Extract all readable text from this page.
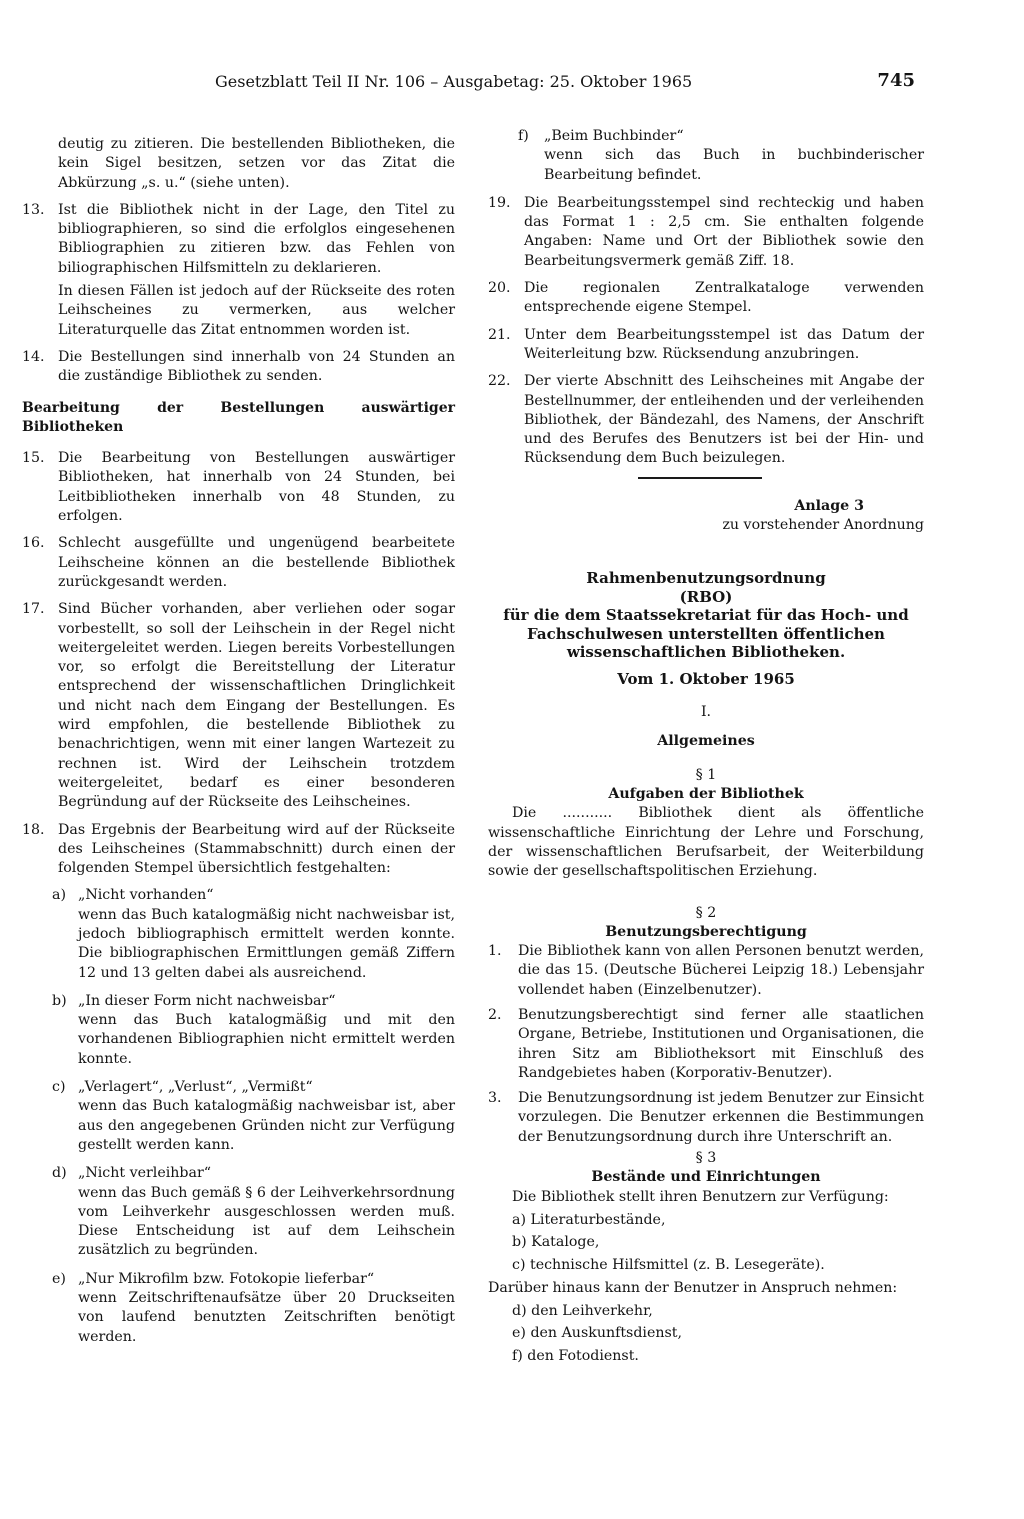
Gesetzblatt Teil II Nr. 106 – Ausgabetag: 25. Oktober 1965	745

deutig zu zitieren. Die bestellenden Bibliotheken, die kein Sigel besitzen, setzen vor das Zitat die Abkürzung „s. u.“ (siehe unten).

13. Ist die Bibliothek nicht in der Lage, den Titel zu bibliographieren, so sind die erfolglos eingesehenen Bibliographien zu zitieren bzw. das Fehlen von biliographischen Hilfsmitteln zu deklarieren.

In diesen Fällen ist jedoch auf der Rückseite des roten Leihscheines zu vermerken, aus welcher Literaturquelle das Zitat entnommen worden ist.

14. Die Bestellungen sind innerhalb von 24 Stunden an die zuständige Bibliothek zu senden.

Bearbeitung der Bestellungen auswärtiger Bibliotheken

15. Die Bearbeitung von Bestellungen auswärtiger Bibliotheken, hat innerhalb von 24 Stunden, bei Leitbibliotheken innerhalb von 48 Stunden, zu erfolgen.

16. Schlecht ausgefüllte und ungenügend bearbeitete Leihscheine können an die bestellende Bibliothek zurückgesandt werden.

17. Sind Bücher vorhanden, aber verliehen oder sogar vorbestellt, so soll der Leihschein in der Regel nicht weitergeleitet werden. Liegen bereits Vorbestellungen vor, so erfolgt die Bereitstellung der Literatur entsprechend der wissenschaftlichen Dringlichkeit und nicht nach dem Eingang der Bestellungen. Es wird empfohlen, die bestellende Bibliothek zu benachrichtigen, wenn mit einer langen Wartezeit zu rechnen ist. Wird der Leihschein trotzdem weitergeleitet, bedarf es einer besonderen Begründung auf der Rückseite des Leihscheines.

18. Das Ergebnis der Bearbeitung wird auf der Rückseite des Leihscheines (Stammabschnitt) durch einen der folgenden Stempel übersichtlich festgehalten:

a) „Nicht vorhanden“

wenn das Buch katalogmäßig nicht nachweisbar ist, jedoch bibliographisch ermittelt werden konnte. Die bibliographischen Ermittlungen gemäß Ziffern 12 und 13 gelten dabei als ausreichend.

b) „In dieser Form nicht nachweisbar“

wenn das Buch katalogmäßig und mit den vorhandenen Bibliographien nicht ermittelt werden konnte.

c) „Verlagert“, „Verlust“, „Vermißt“

wenn das Buch katalogmäßig nachweisbar ist, aber aus den angegebenen Gründen nicht zur Verfügung gestellt werden kann.

d) „Nicht verleihbar“

wenn das Buch gemäß § 6 der Leihverkehrsordnung vom Leihverkehr ausgeschlossen werden muß. Diese Entscheidung ist auf dem Leihschein zusätzlich zu begründen.

e) „Nur Mikrofilm bzw. Fotokopie lieferbar“

wenn Zeitschriftenaufsätze über 20 Druckseiten von laufend benutzten Zeitschriften benötigt werden.

f)	„Beim Buchbinder“

wenn sich das Buch in buchbinderischer Bearbeitung befindet.

19. Die Bearbeitungsstempel sind rechteckig und haben das Format 1 : 2,5 cm. Sie enthalten folgende Angaben: Name und Ort der Bibliothek sowie den Bearbeitungsvermerk gemäß Ziff. 18.

20. Die regionalen Zentralkataloge verwenden entsprechende eigene Stempel.

21. Unter dem Bearbeitungsstempel ist das Datum der Weiterleitung bzw. Rücksendung anzubringen.

22. Der vierte Abschnitt des Leihscheines mit Angabe der Bestellnummer, der entleihenden und der verleihenden Bibliothek, der Bändezahl, des Namens, der Anschrift und des Berufes des Benutzers ist bei der Hin- und Rücksendung dem Buch beizulegen.

Anlage 3

zu vorstehender Anordnung

Rahmenbenutzungsordnung

(RBO)

für die dem Staatssekretariat für das Hoch- und

Fachschulwesen unterstellten öffentlichen

wissenschaftlichen Bibliotheken.

Vom 1. Oktober 1965

I.

Allgemeines

§ 1

Aufgaben der Bibliothek

Die ........... Bibliothek dient als öffentliche wissenschaftliche Einrichtung der Lehre und Forschung, der wissenschaftlichen Berufsarbeit, der Weiterbildung sowie der gesellschaftspolitischen Erziehung.

§ 2

Benutzungsberechtigung

1.	Die Bibliothek kann von allen Personen benutzt werden, die das 15. (Deutsche Bücherei Leipzig 18.) Lebensjahr vollendet haben (Einzelbenutzer).

2.	Benutzungsberechtigt sind ferner alle staatlichen Organe, Betriebe, Institutionen und Organisationen, die ihren Sitz am Bibliotheksort mit Einschluß des Randgebietes haben (Korporativ-Benutzer).

3.	Die Benutzungsordnung ist jedem Benutzer zur Einsicht vorzulegen. Die Benutzer erkennen die Bestimmungen der Benutzungsordnung durch ihre Unterschrift an.

§ 3

Bestände und Einrichtungen

Die Bibliothek stellt ihren Benutzern zur Verfügung:

a) Literaturbestände,

b) Kataloge,

c) technische Hilfsmittel (z. B. Lesegeräte).

Darüber hinaus kann der Benutzer in Anspruch nehmen:

d) den Leihverkehr,

e) den Auskunftsdienst,

f) den Fotodienst.
